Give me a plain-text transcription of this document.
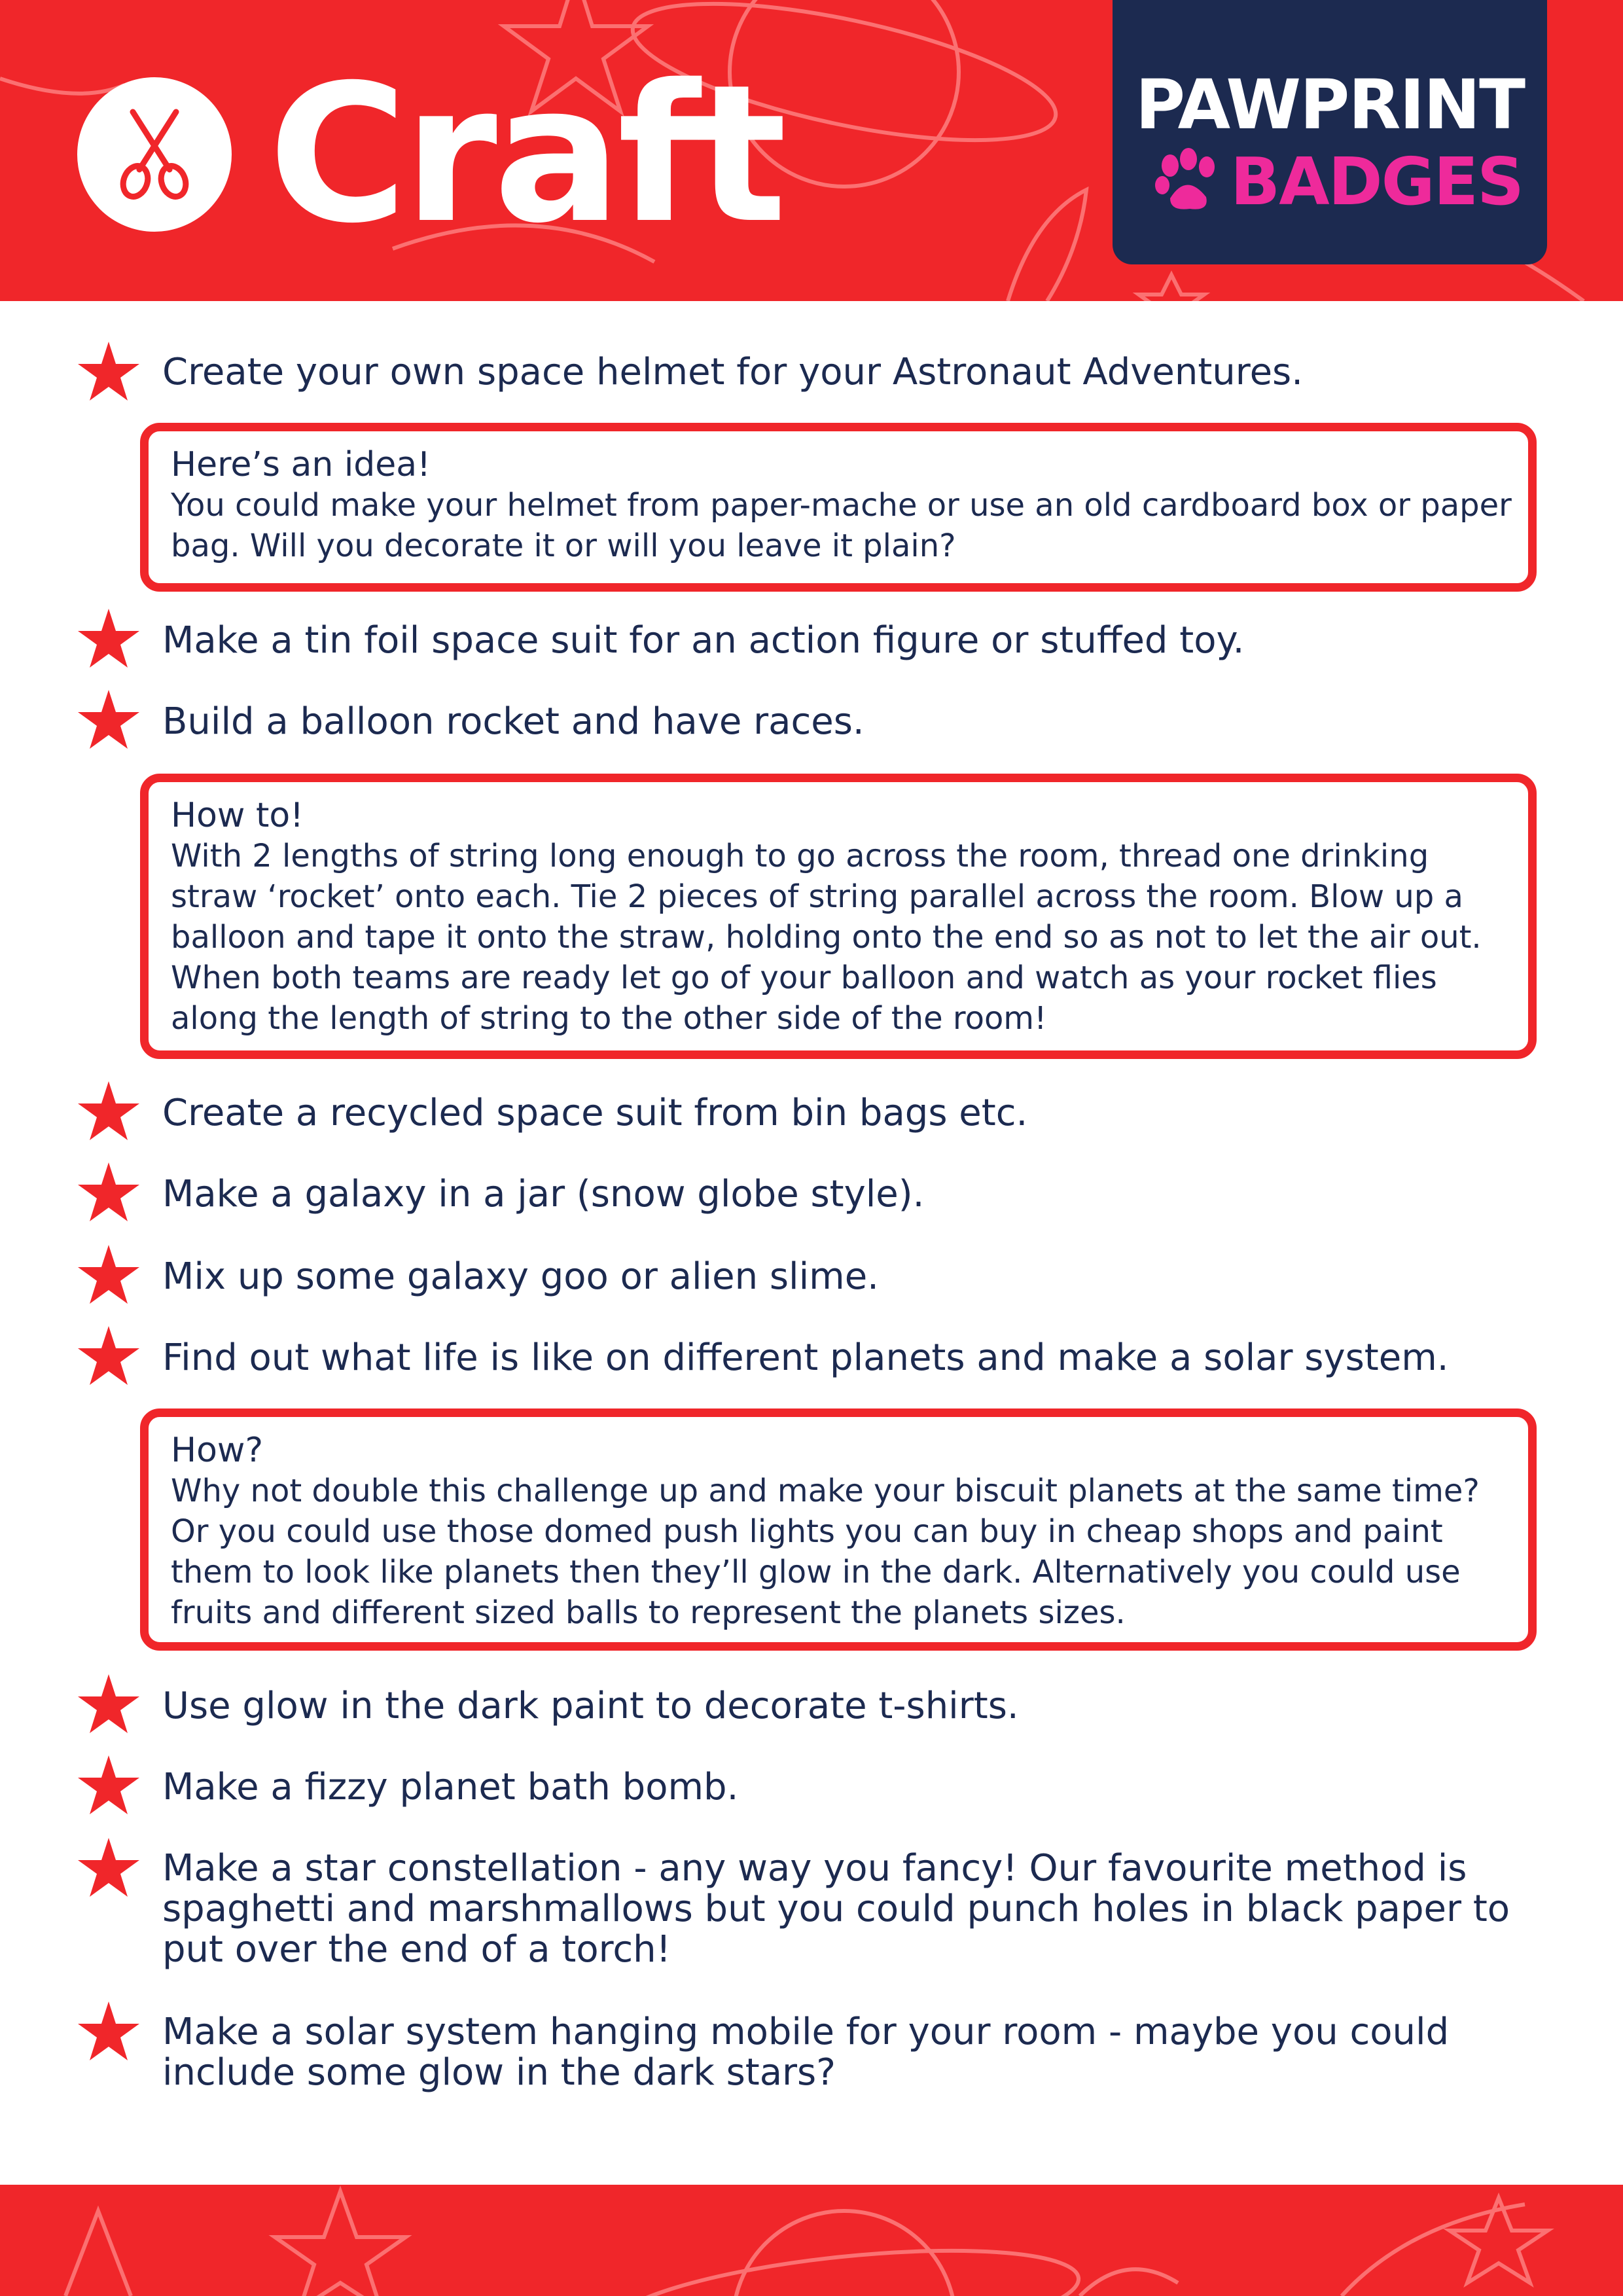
Craft	PAWPRINT
BADGES
Create your own space helmet for your Astronaut Adventures.
Here’s an idea!
You could make your helmet from paper-mache or use an old cardboard box or paper bag. Will you decorate it or will you leave it plain?
Make a tin foil space suit for an action figure or stuffed toy.
Build a balloon rocket and have races.
How to!
With 2 lengths of string long enough to go across the room, thread one drinking straw ‘rocket’ onto each. Tie 2 pieces of string parallel across the room. Blow up a balloon and tape it onto the straw, holding onto the end so as not to let the air out. When both teams are ready let go of your balloon and watch as your rocket flies along the length of string to the other side of the room!
Create a recycled space suit from bin bags etc.
Make a galaxy in a jar (snow globe style).
Mix up some galaxy goo or alien slime.
Find out what life is like on different planets and make a solar system.
How?
Why not double this challenge up and make your biscuit planets at the same time? Or you could use those domed push lights you can buy in cheap shops and paint them to look like planets then they’ll glow in the dark. Alternatively you could use fruits and different sized balls to represent the planets sizes.
Use glow in the dark paint to decorate t-shirts.
Make a fizzy planet bath bomb.
Make a star constellation - any way you fancy! Our favourite method is spaghetti and marshmallows but you could punch holes in black paper to put over the end of a torch!
Make a solar system hanging mobile for your room - maybe you could include some glow in the dark stars?
